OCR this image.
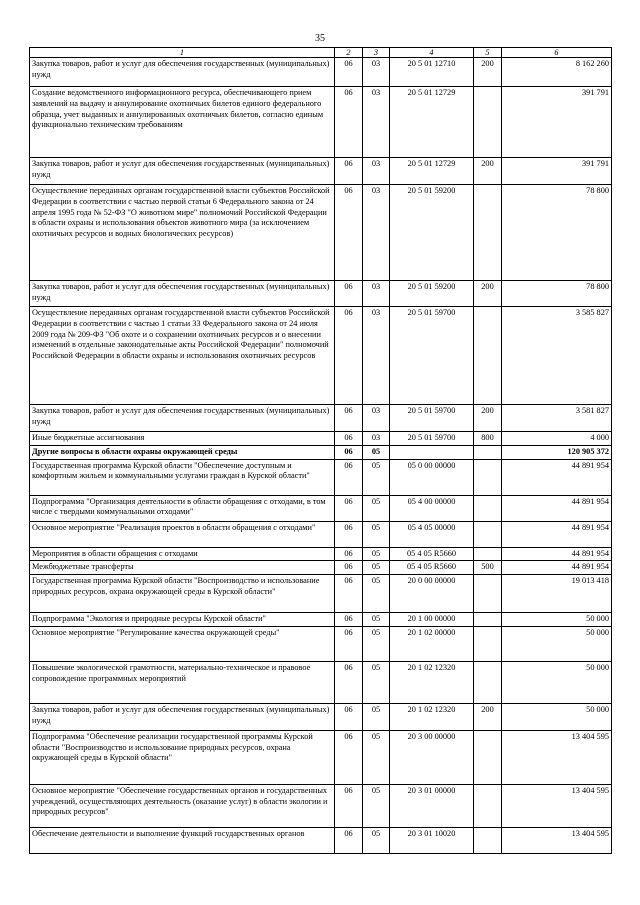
35
1	2	3	4	5	6
Закупка товаров, работ и услуг для обеспечения государственных (муниципальных) нужд	06	03	20 5 01 12710	200	8 162 260
Создание ведомственного информационного ресурса, обеспечивающего прием заявлений на выдачу и аннулирование охотничьих билетов единого федерального образца, учет выданных и аннулированных охотничьих билетов, согласно единым функционально техническим требованиям	06	03	20 5 01 12729		391 791
Закупка товаров, работ и услуг для обеспечения государственных (муниципальных) нужд	06	03	20 5 01 12729	200	391 791
Осуществление переданных органам государственной власти субъектов Российской Федерации в соответствии с частью первой статьи 6 Федерального закона от 24 апреля 1995 года № 52-ФЗ "О животном мире" полномочий Российской Федерации в области охраны и использования объектов животного мира (за исключением охотничьих ресурсов и водных биологических ресурсов)	06	03	20 5 01 59200		78 800
Закупка товаров, работ и услуг для обеспечения государственных (муниципальных) нужд	06	03	20 5 01 59200	200	78 800
Осуществление переданных органам государственной власти субъектов Российской Федерации в соответствии с частью 1 статьи 33 Федерального закона от 24 июля 2009 года № 209-ФЗ "Об охоте и о сохранении охотничьих ресурсов и о внесении изменений в отдельные законодательные акты Российской Федерации" полномочий Российской Федерации в области охраны и использования охотничьих ресурсов	06	03	20 5 01 59700		3 585 827
Закупка товаров, работ и услуг для обеспечения государственных (муниципальных) нужд	06	03	20 5 01 59700	200	3 581 827
Иные бюджетные ассигнования	06	03	20 5 01 59700	800	4 000
Другие вопросы в области охраны окружающей среды	06	05			120 905 372
Государственная программа Курской области "Обеспечение доступным и комфортным жильем и коммунальными услугами граждан в Курской области"	06	05	05 0 00 00000		44 891 954
Подпрограмма "Организация деятельности в области обращения с отходами, в том числе с твердыми коммунальными отходами"	06	05	05 4 00 00000		44 891 954
Основное мероприятие "Реализация проектов в области обращения с отходами"	06	05	05 4 05 00000		44 891 954
Мероприятия в области обращения с отходами	06	05	05 4 05 R5660		44 891 954
Межбюджетные трансферты	06	05	05 4 05 R5660	500	44 891 954
Государственная программа Курской области "Воспроизводство и использование природных ресурсов, охрана окружающей среды в Курской области"	06	05	20 0 00 00000		19 013 418
Подпрограмма "Экология и природные ресурсы Курской области"	06	05	20 1 00 00000		50 000
Основное мероприятие "Регулирование качества окружающей среды"	06	05	20 1 02 00000		50 000
Повышение экологической грамотности, материально-техническое и правовое сопровождение программных мероприятий	06	05	20 1 02 12320		50 000
Закупка товаров, работ и услуг для обеспечения государственных (муниципальных) нужд	06	05	20 1 02 12320	200	50 000
Подпрограмма "Обеспечение реализации государственной программы Курской области "Воспроизводство и использование природных ресурсов, охрана окружающей среды в Курской области"	06	05	20 3 00 00000		13 404 595
Основное мероприятие "Обеспечение государственных органов и государственных учреждений, осуществляющих деятельность (оказание услуг) в области экологии и природных ресурсов"	06	05	20 3 01 00000		13 404 595
Обеспечение деятельности и выполнение функций государственных органов	06	05	20 3 01 10020		13 404 595
